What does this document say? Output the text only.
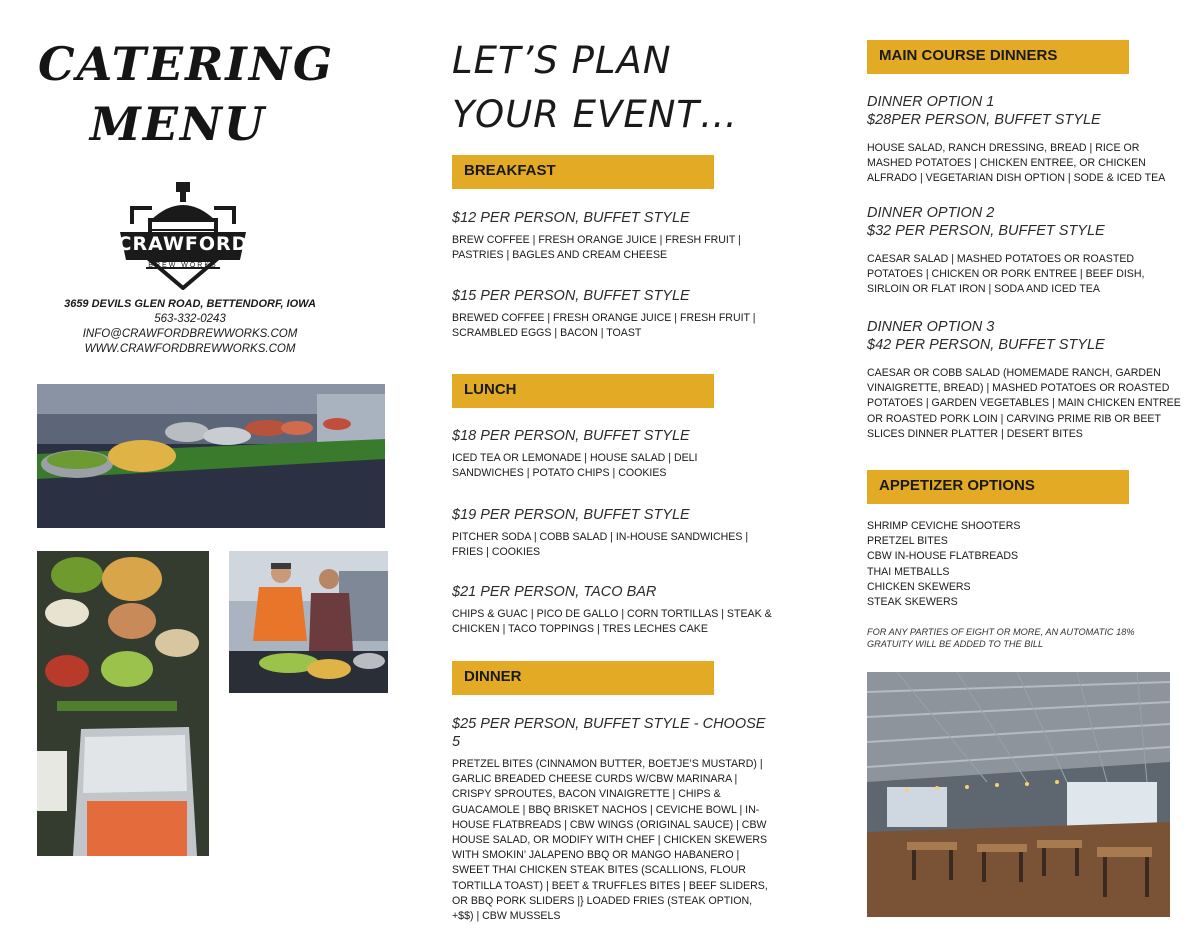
CATERING
MENU
CRAWFORD
BREW WORKS
3659 DEVILS GLEN ROAD, BETTENDORF, IOWA
563-332-0243
INFO@CRAWFORDBREWWORKS.COM
WWW.CRAWFORDBREWWORKS.COM
LET’S PLAN
YOUR EVENT…
BREAKFAST
$12 PER PERSON, BUFFET STYLE
BREW COFFEE | FRESH ORANGE JUICE | FRESH FRUIT | PASTRIES | BAGLES AND CREAM CHEESE
$15 PER PERSON, BUFFET STYLE
BREWED COFFEE | FRESH ORANGE JUICE | FRESH FRUIT | SCRAMBLED EGGS | BACON | TOAST
LUNCH
$18 PER PERSON, BUFFET STYLE
ICED TEA OR LEMONADE | HOUSE SALAD | DELI SANDWICHES | POTATO CHIPS | COOKIES
$19 PER PERSON, BUFFET STYLE
PITCHER SODA | COBB SALAD | IN-HOUSE SANDWICHES | FRIES | COOKIES
$21 PER PERSON, TACO BAR
CHIPS & GUAC | PICO DE GALLO | CORN TORTILLAS | STEAK & CHICKEN | TACO TOPPINGS | TRES LECHES CAKE
DINNER
$25 PER PERSON, BUFFET STYLE - CHOOSE 5
PRETZEL BITES (CINNAMON BUTTER, BOETJE’S MUSTARD) | GARLIC BREADED CHEESE CURDS W/CBW MARINARA | CRISPY SPROUTES, BACON VINAIGRETTE | CHIPS & GUACAMOLE | BBQ BRISKET NACHOS | CEVICHE BOWL | IN-HOUSE FLATBREADS | CBW WINGS (ORIGINAL SAUCE) | CBW HOUSE SALAD, OR MODIFY WITH CHEF | CHICKEN SKEWERS WITH SMOKIN’ JALAPENO BBQ OR MANGO HABANERO | SWEET THAI CHICKEN STEAK BITES (SCALLIONS, FLOUR TORTILLA TOAST) | BEET & TRUFFLES BITES | BEEF SLIDERS, OR BBQ PORK SLIDERS |} LOADED FRIES (STEAK OPTION, +$$) | CBW MUSSELS
MAIN COURSE DINNERS
DINNER OPTION 1
$28PER PERSON, BUFFET STYLE
HOUSE SALAD, RANCH DRESSING, BREAD | RICE OR MASHED POTATOES | CHICKEN ENTREE, OR CHICKEN ALFRADO | VEGETARIAN DISH OPTION | SODE & ICED TEA
DINNER OPTION 2
$32 PER PERSON, BUFFET STYLE
CAESAR SALAD | MASHED POTATOES OR ROASTED POTATOES | CHICKEN OR PORK ENTREE | BEEF DISH, SIRLOIN OR FLAT IRON | SODA AND ICED TEA
DINNER OPTION 3
$42 PER PERSON, BUFFET STYLE
CAESAR OR COBB SALAD (HOMEMADE RANCH, GARDEN VINAIGRETTE, BREAD) | MASHED POTATOES OR ROASTED POTATOES | GARDEN VEGETABLES | MAIN CHICKEN ENTREE OR ROASTED PORK LOIN | CARVING PRIME RIB OR BEET SLICES DINNER PLATTER | DESERT BITES
APPETIZER OPTIONS
SHRIMP CEVICHE SHOOTERS
PRETZEL BITES
CBW IN-HOUSE FLATBREADS
THAI METBALLS
CHICKEN SKEWERS
STEAK SKEWERS
FOR ANY PARTIES OF EIGHT OR MORE, AN AUTOMATIC 18% GRATUITY WILL BE ADDED TO THE BILL
